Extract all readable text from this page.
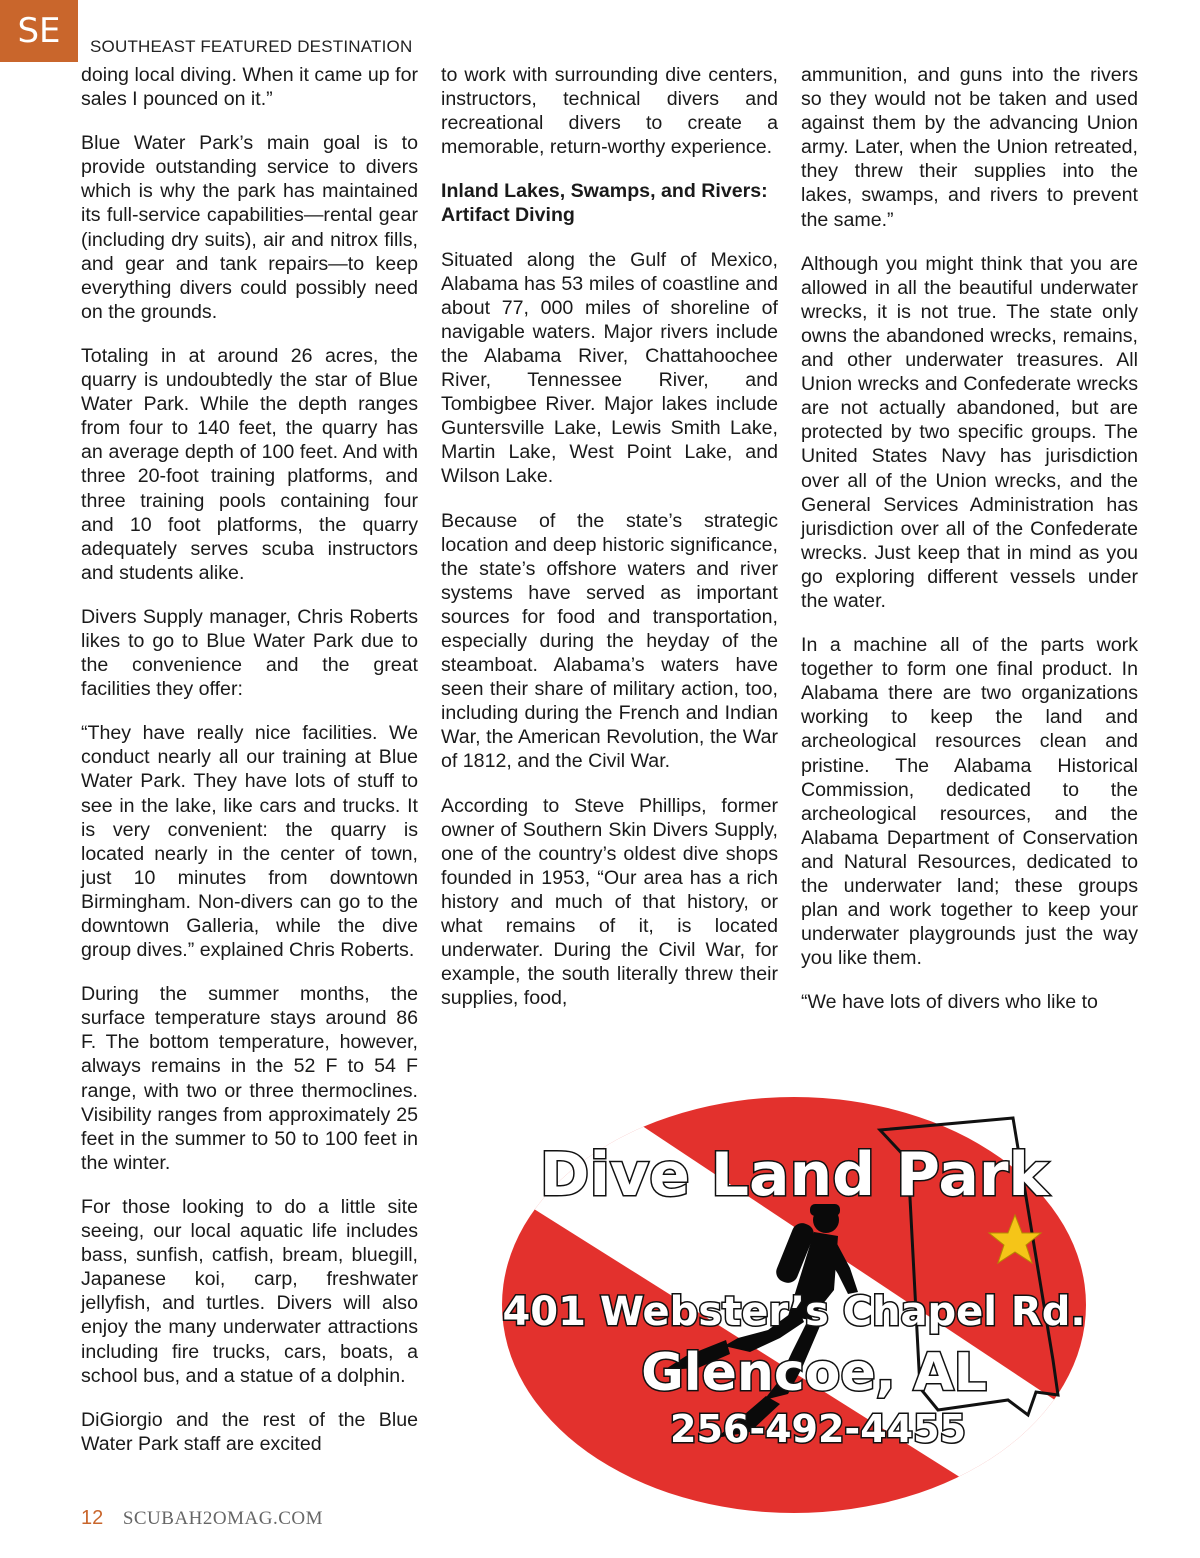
SE	SOUTHEAST FEATURED DESTINATION

doing local diving. When it came up for sales I pounced on it.”

Blue Water Park’s main goal is to provide outstanding service to divers which is why the park has maintained its full-service capabilities—rental gear (including dry suits), air and nitrox fills, and gear and tank repairs—to keep everything divers could possibly need on the grounds.

Totaling in at around 26 acres, the quarry is undoubtedly the star of Blue Water Park. While the depth ranges from four to 140 feet, the quarry has an average depth of 100 feet. And with three 20-foot training platforms, and three training pools containing four and 10 foot platforms, the quarry adequately serves scuba instructors and students alike.

Divers Supply manager, Chris Roberts likes to go to Blue Water Park due to the convenience and the great facilities they offer:

“They have really nice facilities. We conduct nearly all our training at Blue Water Park. They have lots of stuff to see in the lake, like cars and trucks. It is very convenient: the quarry is located nearly in the center of town, just 10 minutes from downtown Birmingham. Non-divers can go to the downtown Galleria, while the dive group dives.” explained Chris Roberts.

During the summer months, the surface temperature stays around 86 F. The bottom temperature, however, always remains in the 52 F to 54 F range, with two or three thermoclines. Visibility ranges from approximately 25 feet in the summer to 50 to 100 feet in the winter.

For those looking to do a little site seeing, our local aquatic life includes bass, sunfish, catfish, bream, bluegill, Japanese koi, carp, freshwater jellyfish, and turtles. Divers will also enjoy the many underwater attractions including fire trucks, cars, boats, a school bus, and a statue of a dolphin.

DiGiorgio and the rest of the Blue Water Park staff are excited

to work with surrounding dive centers, instructors, technical divers and recreational divers to create a memorable, return-worthy experience.

Inland Lakes, Swamps, and Rivers: Artifact Diving

Situated along the Gulf of Mexico, Alabama has 53 miles of coastline and about 77, 000 miles of shoreline of navigable waters. Major rivers include the Alabama River, Chattahoochee River, Tennessee River, and Tombigbee River. Major lakes include Guntersville Lake, Lewis Smith Lake, Martin Lake, West Point Lake, and Wilson Lake.

Because of the state’s strategic location and deep historic significance, the state’s offshore waters and river systems have served as important sources for food and transportation, especially during the heyday of the steamboat. Alabama’s waters have seen their share of military action, too, including during the French and Indian War, the American Revolution, the War of 1812, and the Civil War.

According to Steve Phillips, former owner of Southern Skin Divers Supply, one of the country’s oldest dive shops founded in 1953, “Our area has a rich history and much of that history, or what remains of it, is located underwater. During the Civil War, for example, the south literally threw their supplies, food,

ammunition, and guns into the rivers so they would not be taken and used against them by the advancing Union army. Later, when the Union retreated, they threw their supplies into the lakes, swamps, and rivers to prevent the same.”

Although you might think that you are allowed in all the beautiful underwater wrecks, it is not true. The state only owns the abandoned wrecks, remains, and other underwater treasures. All Union wrecks and Confederate wrecks are not actually abandoned, but are protected by two specific groups. The United States Navy has jurisdiction over all of the Union wrecks, and the General Services Administration has jurisdiction over all of the Confederate wrecks. Just keep that in mind as you go exploring different vessels under the water.

In a machine all of the parts work together to form one final product. In Alabama there are two organizations working to keep the land and archeological resources clean and pristine. The Alabama Historical Commission, dedicated to the archeological resources, and the Alabama Department of Conservation and Natural Resources, dedicated to the underwater land; these groups plan and work together to keep your underwater playgrounds just the way you like them.

“We have lots of divers who like to

Dive Land Park
401 Webster’s Chapel Rd.
Glencoe, AL
256-492-4455
12 SCUBAH2OMAG.COM
